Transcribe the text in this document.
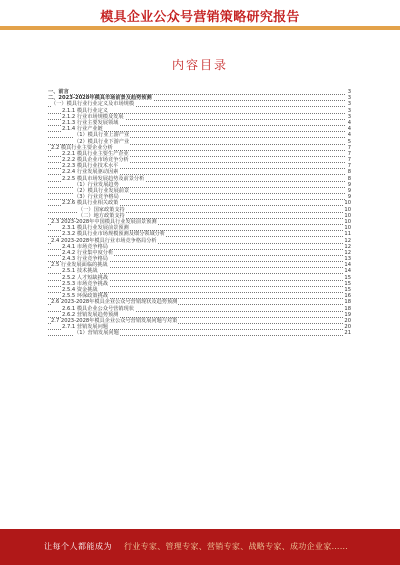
模具企业公众号营销策略研究报告
内容目录
一、前言	3
二、2023-2028年模具市场前景及趋势预测	3
（一）模具行业行业定义及市场规模	3
2.1.1 模具行业定义	3
2.1.2 行业市场规模及发展	3
2.1.3 行业主要发展领域	4
2.1.4 行业产业链	4
（1）模具行业上游产业	4
（2）模具行业下游产业	5
2.2 模具行业主要企业分析	7
2.2.1 模具行业主要生产企业	7
2.2.2 模具企业市场竞争分析	7
2.2.3 模具行业技术水平	7
2.2.4 行业发展驱动因素	8
2.2.5 模具市场发展趋势及前景分析	8
（1）行业发展趋势	9
（2）模具行业发展前景	9
（3）行业竞争格局	9
2.2.6 模具行业相关政策	10
（一）国家政策支持	10
（二）地方政策支持	10
2.3 2023-2028年中国模具行业发展前景预测	10
2.3.1 模具行业发展前景预测	10
2.3.2 模具行业市场规模预测及细分领域分析	11
2.4 2023-2028年模具行业市场竞争格局分析	12
2.4.1 市场竞争格局	12
2.4.2 行业集中度分析	12
2.4.3 行业竞争格局	13
2.5 行业发展面临的挑战	14
2.5.1 技术挑战	14
2.5.2 人才短缺挑战	15
2.5.3 市场竞争挑战	15
2.5.4 资金挑战	15
2.5.5 环保政策挑战	16
2.6 2023-2028年模具企业公众号营销现状及趋势预测	18
2.6.1 模具企业公众号营销现状	18
2.6.2 营销发展趋势预测	19
2.7 2023-2028年模具企业公众号营销发展问题与对策	20
2.7.1 营销发展问题	20
（1）营销发展问题	21
让每个人都能成为 行业专家、管理专家、营销专家、战略专家、成功企业家……
